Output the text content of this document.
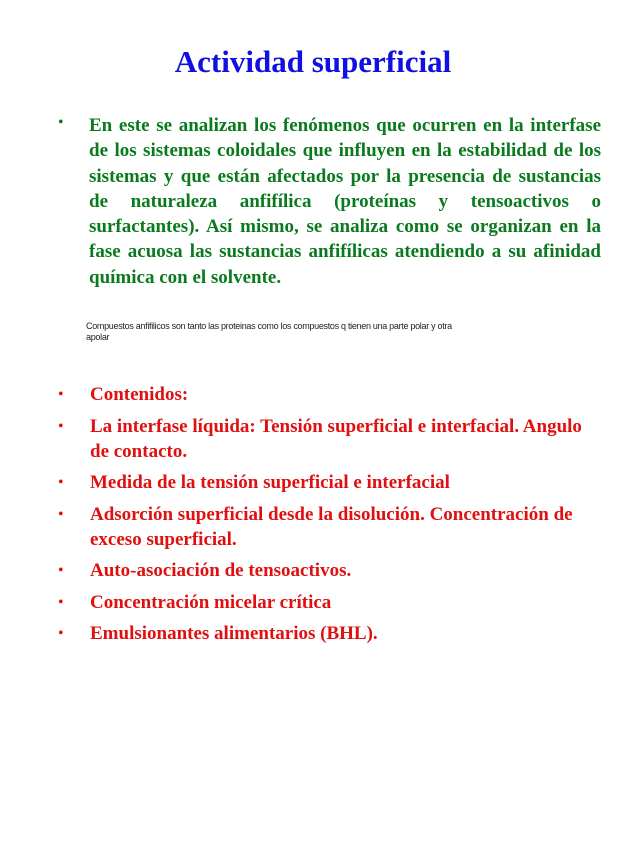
Actividad superficial
• En este se analizan los fenómenos que ocurren en la interfase de los sistemas coloidales que influyen en la estabilidad de los sistemas y que están afectados por la presencia de sustancias de naturaleza anfifílica (proteínas y tensoactivos o surfactantes). Así mismo, se analiza como se organizan en la fase acuosa las sustancias anfifílicas atendiendo a su afinidad química con el solvente.

Compuestos anfifilicos son tanto las proteinas como los compuestos q tienen una parte polar y otra apolar

• Contenidos:
• La interfase líquida: Tensión superficial e interfacial. Angulo de contacto.
• Medida de la tensión superficial e interfacial
• Adsorción superficial desde la disolución. Concentración de exceso superficial.
• Auto-asociación de tensoactivos.
• Concentración micelar crítica
• Emulsionantes alimentarios (BHL).
